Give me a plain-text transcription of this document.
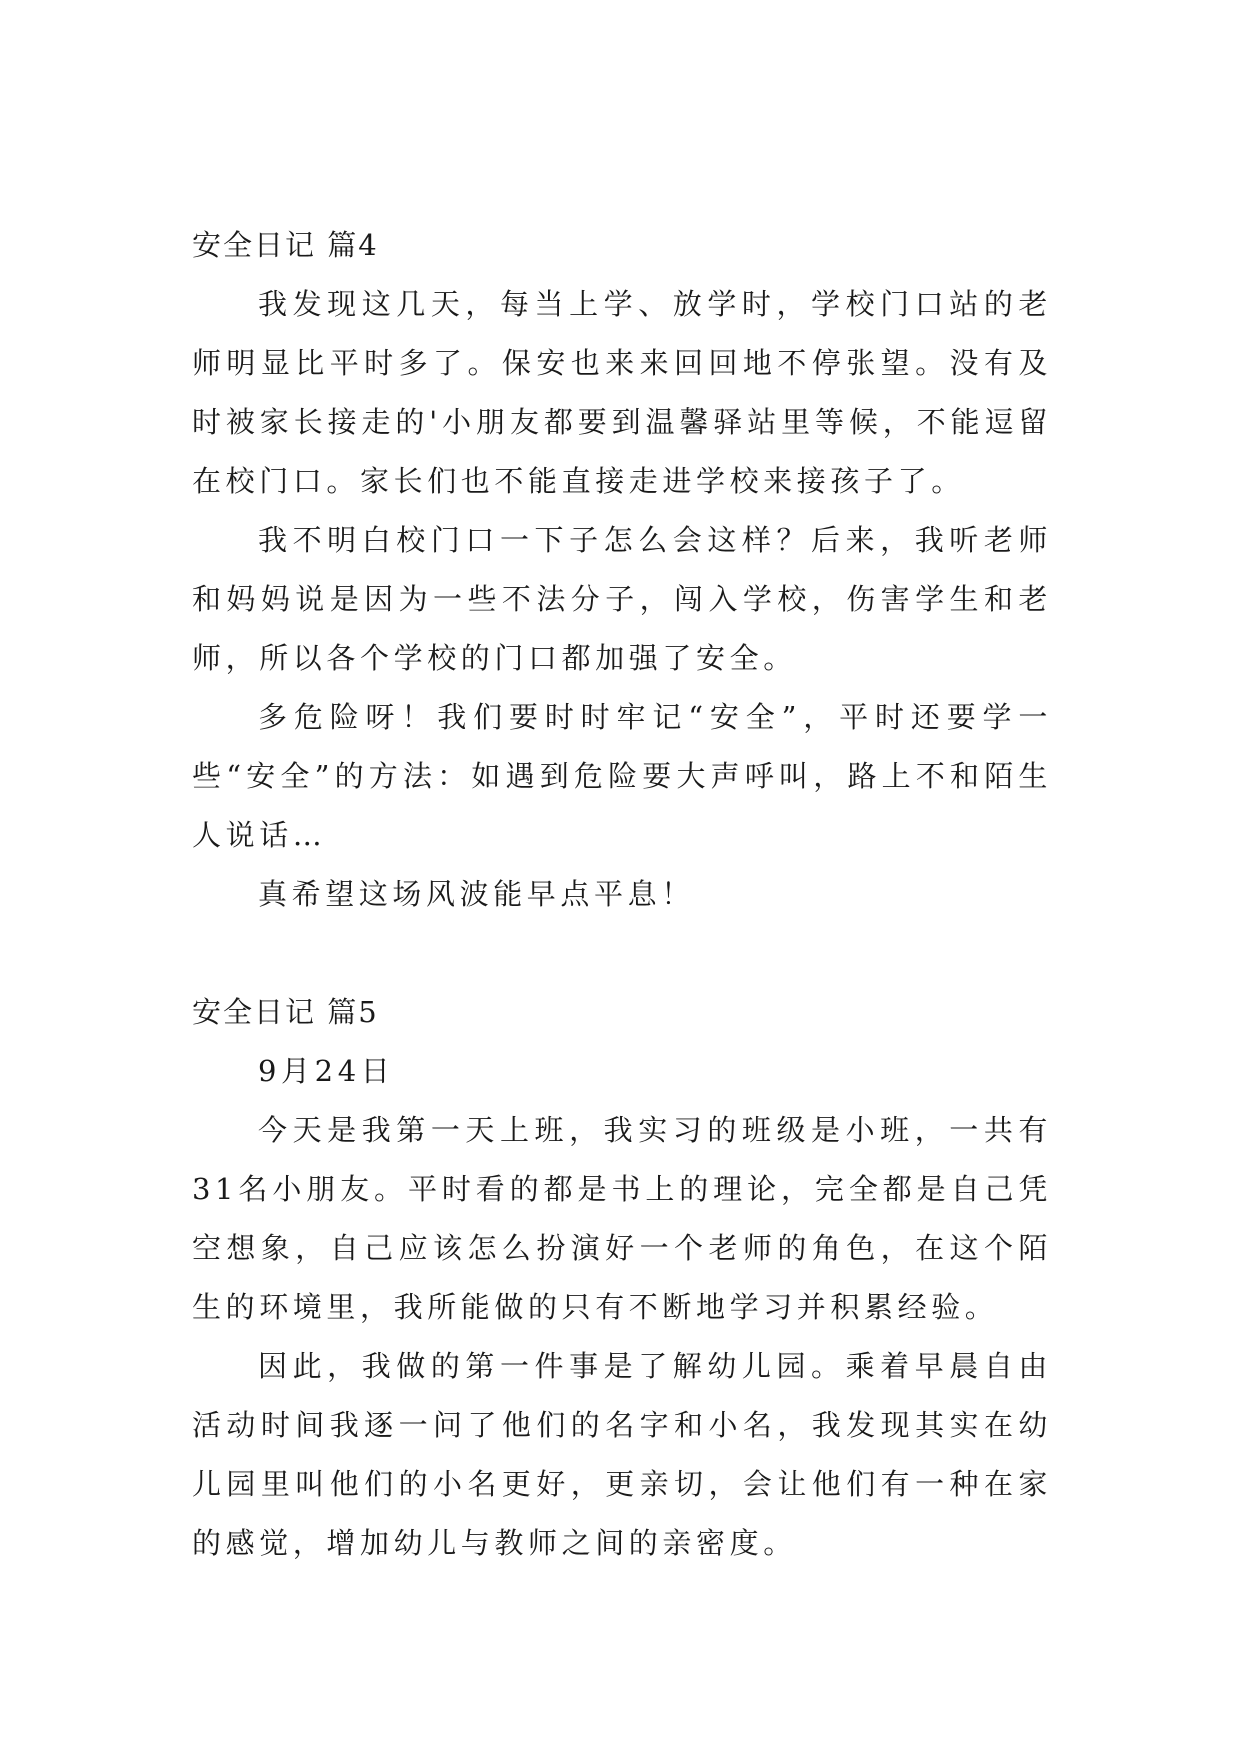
安全日记 篇4

我发现这几天，每当上学、放学时，学校门口站的老师明显比平时多了。保安也来来回回地不停张望。没有及时被家长接走的'小朋友都要到温馨驿站里等候，不能逗留在校门口。家长们也不能直接走进学校来接孩子了。

我不明白校门口一下子怎么会这样？后来，我听老师和妈妈说是因为一些不法分子，闯入学校，伤害学生和老师，所以各个学校的门口都加强了安全。

多危险呀！我们要时时牢记“安全”，平时还要学一些“安全”的方法：如遇到危险要大声呼叫，路上不和陌生人说话…

真希望这场风波能早点平息！

安全日记 篇5

9月24日

今天是我第一天上班，我实习的班级是小班，一共有31名小朋友。平时看的都是书上的理论，完全都是自己凭空想象，自己应该怎么扮演好一个老师的角色，在这个陌生的环境里，我所能做的只有不断地学习并积累经验。

因此，我做的第一件事是了解幼儿园。乘着早晨自由活动时间我逐一问了他们的名字和小名，我发现其实在幼儿园里叫他们的小名更好，更亲切，会让他们有一种在家的感觉，增加幼儿与教师之间的亲密度。
